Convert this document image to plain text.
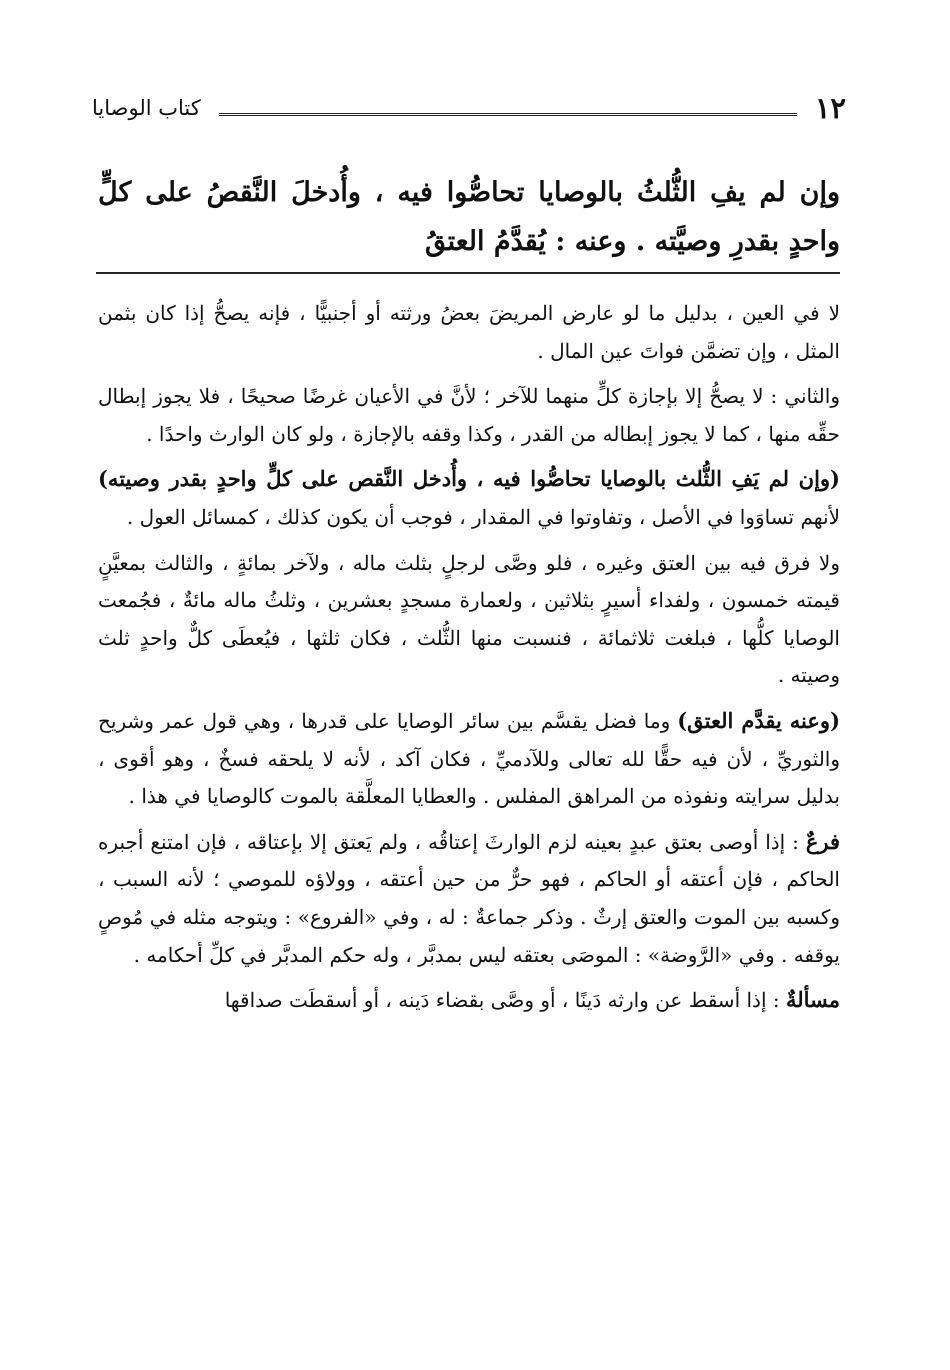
١٢
كتاب الوصايا
وإن لم يفِ الثُّلثُ بالوصايا تحاصُّوا فيه ، وأُدخلَ النَّقصُ على كلٍّ واحدٍ بقدرِ وصيَّته . وعنه : يُقدَّمُ العتقُ

لا في العين ، بدليل ما لو عارض المريضَ بعضُ ورثته أو أجنبيًّا ، فإنه يصحُّ إذا كان بثمن المثل ، وإن تضمَّن فواتَ عين المال .

والثاني : لا يصحُّ إلا بإجازة كلٍّ منهما للآخر ؛ لأنَّ في الأعيان غرضًا صحيحًا ، فلا يجوز إبطال حقِّه منها ، كما لا يجوز إبطاله من القدر ، وكذا وقفه بالإجازة ، ولو كان الوارث واحدًا .

(وإن لم يَفِ الثُّلث بالوصايا تحاصُّوا فيه ، وأُدخل النَّقص على كلٍّ واحدٍ بقدر وصيته) لأنهم تساوَوا في الأصل ، وتفاوتوا في المقدار ، فوجب أن يكون كذلك ، كمسائل العول .

ولا فرق فيه بين العتق وغيره ، فلو وصَّى لرجلٍ بثلث ماله ، ولآخر بمائةٍ ، والثالث بمعيَّنٍ قيمته خمسون ، ولفداء أسيرٍ بثلاثين ، ولعمارة مسجدٍ بعشرين ، وثلثُ ماله مائةٌ ، فجُمعت الوصايا كلُّها ، فبلغت ثلاثمائة ، فنسبت منها الثُّلث ، فكان ثلثها ، فيُعطَى كلٌّ واحدٍ ثلث وصيته .

(وعنه يقدَّم العتق) وما فضل يقسَّم بين سائر الوصايا على قدرها ، وهي قول عمر وشريح والثوريِّ ، لأن فيه حقًّا لله تعالى وللآدميِّ ، فكان آكد ، لأنه لا يلحقه فسخٌ ، وهو أقوى ، بدليل سرايته ونفوذه من المراهق المفلس . والعطايا المعلَّقة بالموت كالوصايا في هذا .

فرعٌ : إذا أوصى بعتق عبدٍ بعينه لزم الوارثَ إعتاقُه ، ولم يَعتق إلا بإعتاقه ، فإن امتنع أجبره الحاكم ، فإن أعتقه أو الحاكم ، فهو حرٌّ من حين أعتقه ، وولاؤه للموصي ؛ لأنه السبب ، وكسبه بين الموت والعتق إرثٌ . وذكر جماعةٌ : له ، وفي «الفروع» : ويتوجه مثله في مُوصٍ يوقفه . وفي «الرَّوضة» : الموصَى بعتقه ليس بمدبَّر ، وله حكم المدبَّر في كلِّ أحكامه .

مسألةٌ : إذا أسقط عن وارثه دَينًا ، أو وصَّى بقضاء دَينه ، أو أسقطَت صداقها
